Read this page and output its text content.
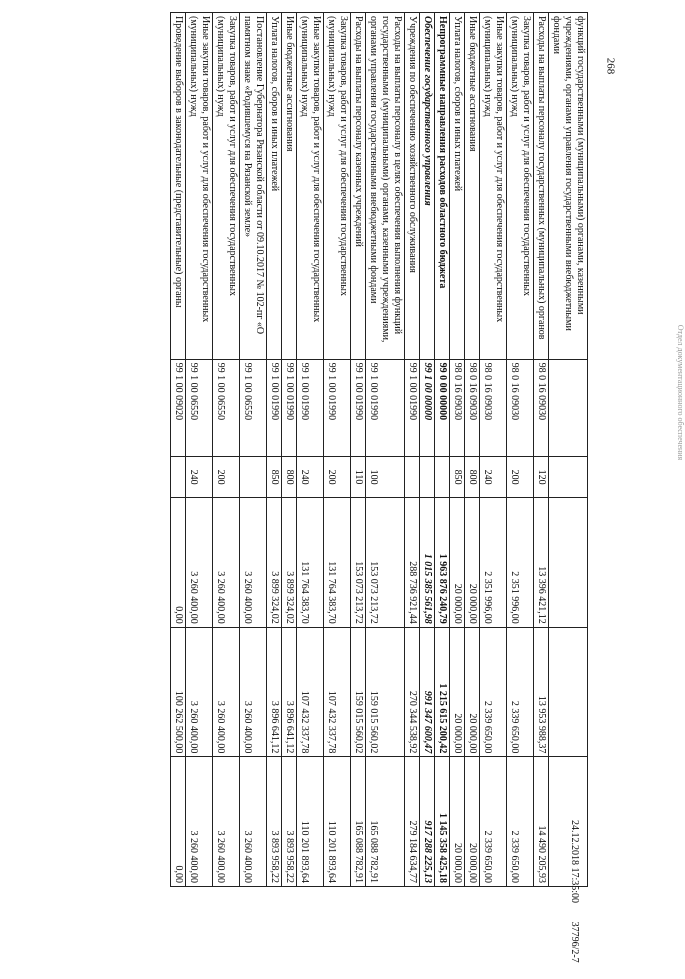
268
функций государственными (муниципальными) органами, казенными учреждениями, органами управления государственными внебюджетными фондами					
Расходы на выплаты персоналу государственных (муниципальных) органов	98 0 16 09030	120	13 396 421,12	13 953 988,37	14 490 205,93
Закупка товаров, работ и услуг для обеспечения государственных (муниципальных) нужд	98 0 16 09030	200	2 351 996,00	2 339 650,00	2 339 650,00
Иные закупки товаров, работ и услуг для обеспечения государственных (муниципальных) нужд	98 0 16 09030	240	2 351 996,00	2 339 650,00	2 339 650,00
Иные бюджетные ассигнования	98 0 16 09030	800	20 000,00	20 000,00	20 000,00
Уплата налогов, сборов и иных платежей	98 0 16 09030	850	20 000,00	20 000,00	20 000,00
Непрограммные направления расходов областного бюджета	99 0 00 00000		1 963 876 240,79	1 215 615 200,42	1 145 358 425,18
Обеспечение государственного управления	99 1 00 00000		1 015 385 561,98	991 347 600,47	917 288 225,13
Учреждения по обеспечению хозяйственного обслуживания	99 1 00 01990		288 736 921,44	270 344 538,92	279 184 634,77
Расходы на выплаты персоналу в целях обеспечения выполнения функций государственными (муниципальными) органами, казенными учреждениями, органами управления государственными внебюджетными фондами	99 1 00 01990	100	153 073 213,72	159 015 560,02	165 088 782,91
Расходы на выплаты персоналу казенных учреждений	99 1 00 01990	110	153 073 213,72	159 015 560,02	165 088 782,91
Закупка товаров, работ и услуг для обеспечения государственных (муниципальных) нужд	99 1 00 01990	200	131 764 383,70	107 432 337,78	110 201 893,64
Иные закупки товаров, работ и услуг для обеспечения государственных (муниципальных) нужд	99 1 00 01990	240	131 764 383,70	107 432 337,78	110 201 893,64
Иные бюджетные ассигнования	99 1 00 01990	800	3 899 324,02	3 896 641,12	3 893 958,22
Уплата налогов, сборов и иных платежей	99 1 00 01990	850	3 899 324,02	3 896 641,12	3 893 958,22
Постановление Губернатора Рязанской области от 09.10.2017 № 102-пг «О памятном знаке «Родившемуся на Рязанской земле»	99 1 00 06550		3 260 400,00	3 260 400,00	3 260 400,00
Закупка товаров, работ и услуг для обеспечения государственных (муниципальных) нужд	99 1 00 06550	200	3 260 400,00	3 260 400,00	3 260 400,00
Иные закупки товаров, работ и услуг для обеспечения государственных (муниципальных) нужд	99 1 00 06550	240	3 260 400,00	3 260 400,00	3 260 400,00
Проведение выборов в законодательные (представительные) органы	99 1 00 09020		0,00	100 262 500,00	0,00
Отдел документационного обеспечения
24.12.2018 17:35:00 37796/2-7
